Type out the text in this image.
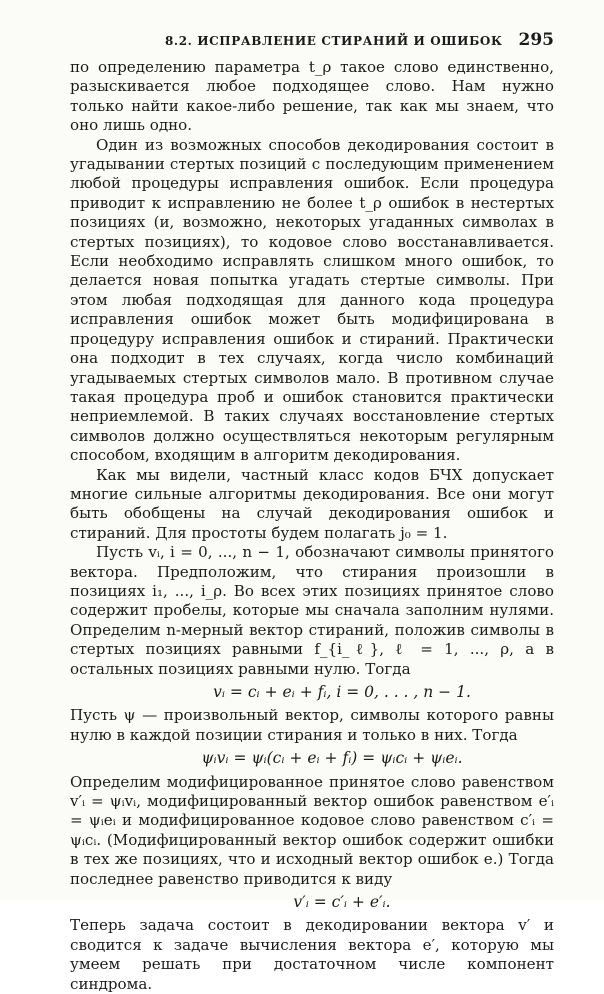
8.2. ИСПРАВЛЕНИЕ СТИРАНИЙ И ОШИБОК 295

по определению параметра t_ρ такое слово единственно, разыскивается любое подходящее слово. Нам нужно только найти какое-либо решение, так как мы знаем, что оно лишь одно.

Один из возможных способов декодирования состоит в угадывании стертых позиций с последующим применением любой процедуры исправления ошибок. Если процедура приводит к исправлению не более t_ρ ошибок в нестертых позициях (и, возможно, некоторых угаданных символах в стертых позициях), то кодовое слово восстанавливается. Если необходимо исправлять слишком много ошибок, то делается новая попытка угадать стертые символы. При этом любая подходящая для данного кода процедура исправления ошибок может быть модифицирована в процедуру исправления ошибок и стираний. Практически она подходит в тех случаях, когда число комбинаций угадываемых стертых символов мало. В противном случае такая процедура проб и ошибок становится практически неприемлемой. В таких случаях восстановление стертых символов должно осуществляться некоторым регулярным способом, входящим в алгоритм декодирования.

Как мы видели, частный класс кодов БЧХ допускает многие сильные алгоритмы декодирования. Все они могут быть обобщены на случай декодирования ошибок и стираний. Для простоты будем полагать j₀ = 1.

Пусть vᵢ, i = 0, ..., n − 1, обозначают символы принятого вектора. Предположим, что стирания произошли в позициях i₁, ..., i_ρ. Во всех этих позициях принятое слово содержит пробелы, которые мы сначала заполним нулями. Определим n-мерный вектор стираний, положив символы в стертых позициях равными f_{i_ℓ}, ℓ = 1, ..., ρ, а в остальных позициях равными нулю. Тогда

vᵢ = cᵢ + eᵢ + fᵢ, i = 0, . . . , n − 1.

Пусть ψ — произвольный вектор, символы которого равны нулю в каждой позиции стирания и только в них. Тогда

ψᵢvᵢ = ψᵢ(cᵢ + eᵢ + fᵢ) = ψᵢcᵢ + ψᵢeᵢ.

Определим модифицированное принятое слово равенством v′ᵢ = ψᵢvᵢ, модифицированный вектор ошибок равенством e′ᵢ = ψᵢeᵢ и модифицированное кодовое слово равенством c′ᵢ = ψᵢcᵢ. (Модифицированный вектор ошибок содержит ошибки в тех же позициях, что и исходный вектор ошибок e.) Тогда последнее равенство приводится к виду

v′ᵢ = c′ᵢ + e′ᵢ.

Теперь задача состоит в декодировании вектора v′ и сводится к задаче вычисления вектора e′, которую мы умеем решать при достаточном числе компонент синдрома.
